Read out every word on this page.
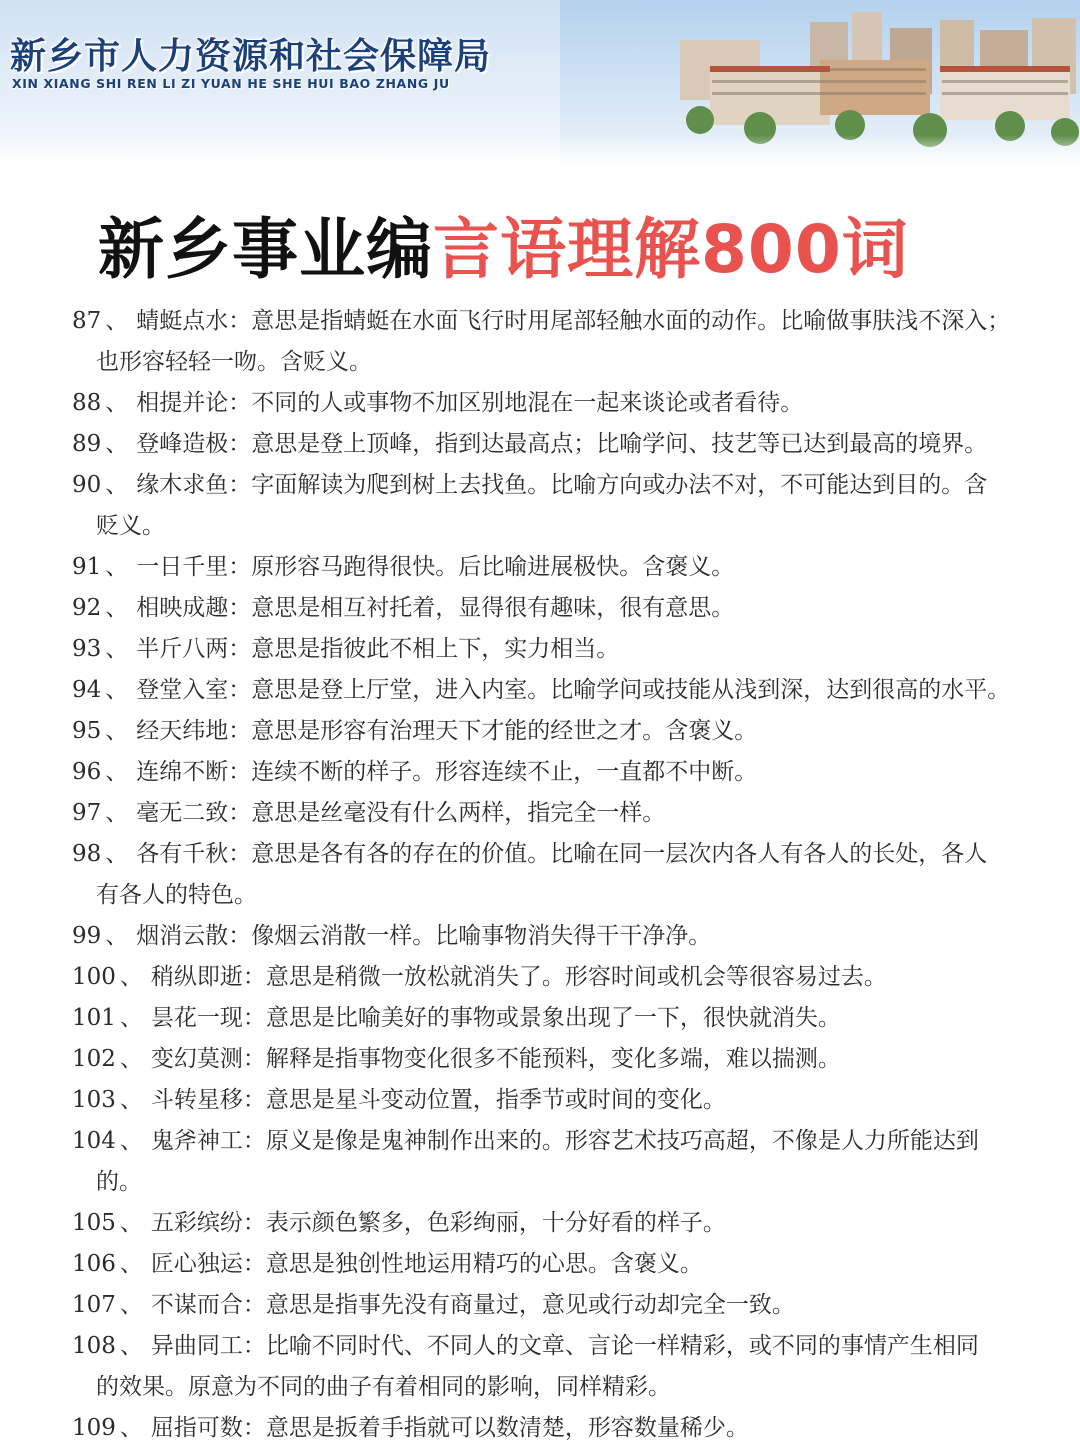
新乡市人力资源和社会保障局
XIN XIANG SHI REN LI ZI YUAN HE SHE HUI BAO ZHANG JU
新乡事业编言语理解800词
87 、 蜻蜓点水：意思是指蜻蜓在水面飞行时用尾部轻触水面的动作。比喻做事肤浅不深入；
也形容轻轻一吻。含贬义。
88 、 相提并论：不同的人或事物不加区别地混在一起来谈论或者看待。
89 、 登峰造极：意思是登上顶峰，指到达最高点；比喻学问、技艺等已达到最高的境界。
90 、 缘木求鱼：字面解读为爬到树上去找鱼。比喻方向或办法不对，不可能达到目的。含
贬义。
91 、 一日千里：原形容马跑得很快。后比喻进展极快。含褒义。
92 、 相映成趣：意思是相互衬托着，显得很有趣味，很有意思。
93 、 半斤八两：意思是指彼此不相上下，实力相当。
94 、 登堂入室：意思是登上厅堂，进入内室。比喻学问或技能从浅到深，达到很高的水平。
95 、 经天纬地：意思是形容有治理天下才能的经世之才。含褒义。
96 、 连绵不断：连续不断的样子。形容连续不止，一直都不中断。
97 、 毫无二致：意思是丝毫没有什么两样，指完全一样。
98 、 各有千秋：意思是各有各的存在的价值。比喻在同一层次内各人有各人的长处，各人
有各人的特色。
99 、 烟消云散：像烟云消散一样。比喻事物消失得干干净净。
100 、 稍纵即逝：意思是稍微一放松就消失了。形容时间或机会等很容易过去。
101 、 昙花一现：意思是比喻美好的事物或景象出现了一下，很快就消失。
102 、 变幻莫测：解释是指事物变化很多不能预料，变化多端，难以揣测。
103 、 斗转星移：意思是星斗变动位置，指季节或时间的变化。
104 、 鬼斧神工：原义是像是鬼神制作出来的。形容艺术技巧高超，不像是人力所能达到
的。
105 、 五彩缤纷：表示颜色繁多，色彩绚丽，十分好看的样子。
106 、 匠心独运：意思是独创性地运用精巧的心思。含褒义。
107 、 不谋而合：意思是指事先没有商量过，意见或行动却完全一致。
108 、 异曲同工：比喻不同时代、不同人的文章、言论一样精彩，或不同的事情产生相同
的效果。原意为不同的曲子有着相同的影响，同样精彩。
109 、 屈指可数：意思是扳着手指就可以数清楚，形容数量稀少。
